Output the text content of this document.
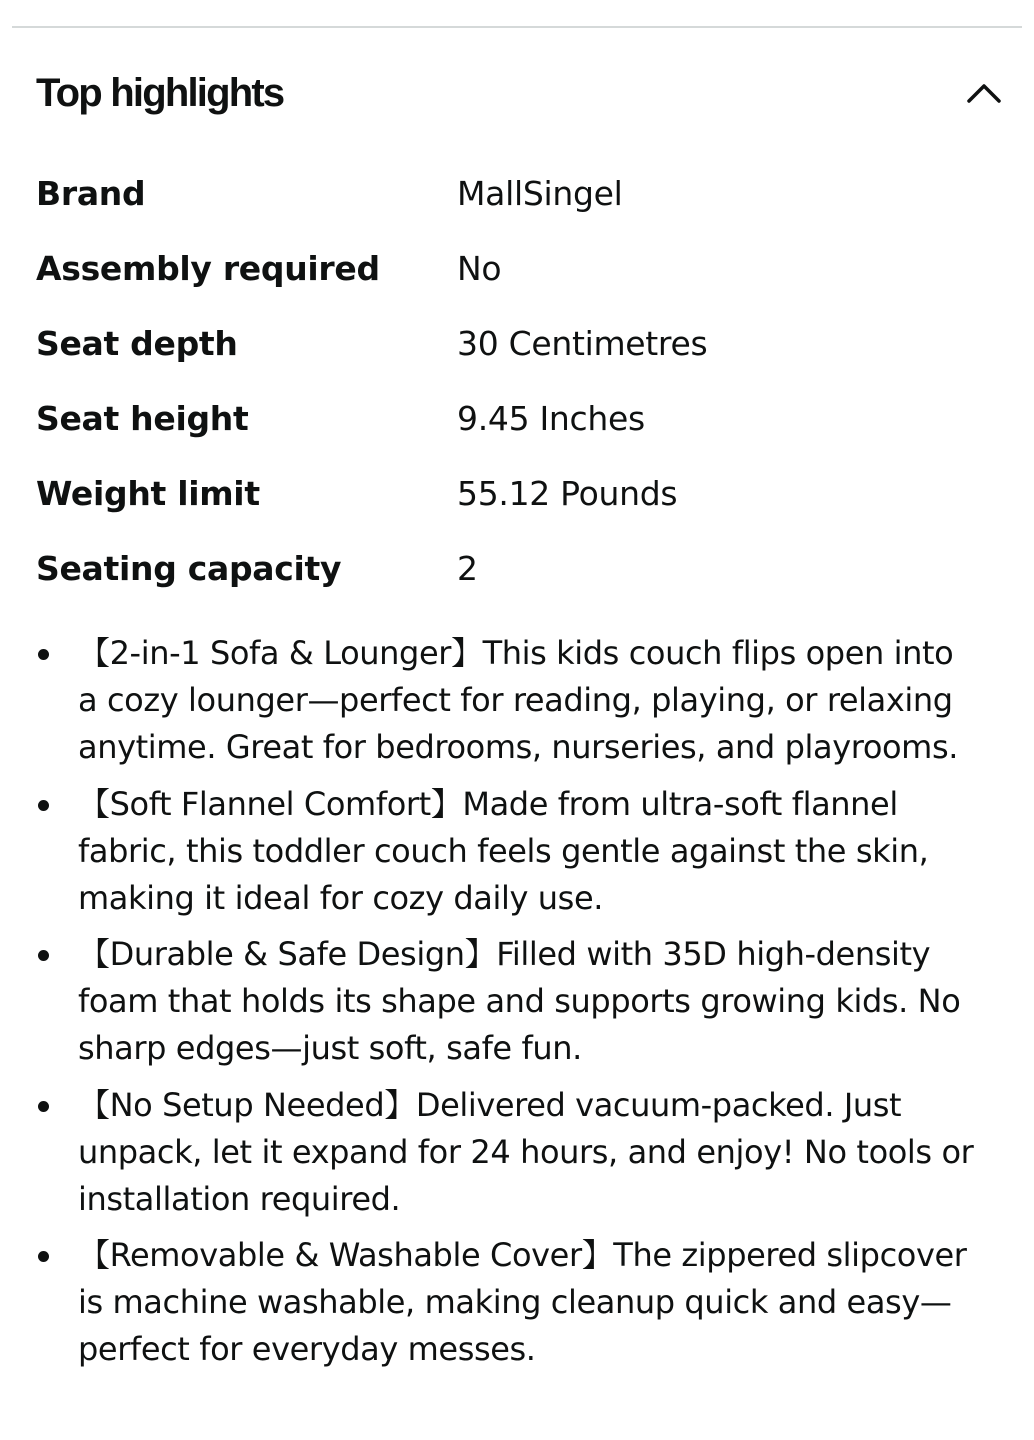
Top highlights
Brand	MallSingel
Assembly required	No
Seat depth	30 Centimetres
Seat height	9.45 Inches
Weight limit	55.12 Pounds
Seating capacity	2
【2-in-1 Sofa & Lounger】This kids couch flips open into a cozy lounger—perfect for reading, playing, or relaxing anytime. Great for bedrooms, nurseries, and playrooms.
【Soft Flannel Comfort】Made from ultra-soft flannel fabric, this toddler couch feels gentle against the skin, making it ideal for cozy daily use.
【Durable & Safe Design】Filled with 35D high-density foam that holds its shape and supports growing kids. No sharp edges—just soft, safe fun.
【No Setup Needed】Delivered vacuum-packed. Just unpack, let it expand for 24 hours, and enjoy! No tools or installation required.
【Removable & Washable Cover】The zippered slipcover is machine washable, making cleanup quick and easy—perfect for everyday messes.
